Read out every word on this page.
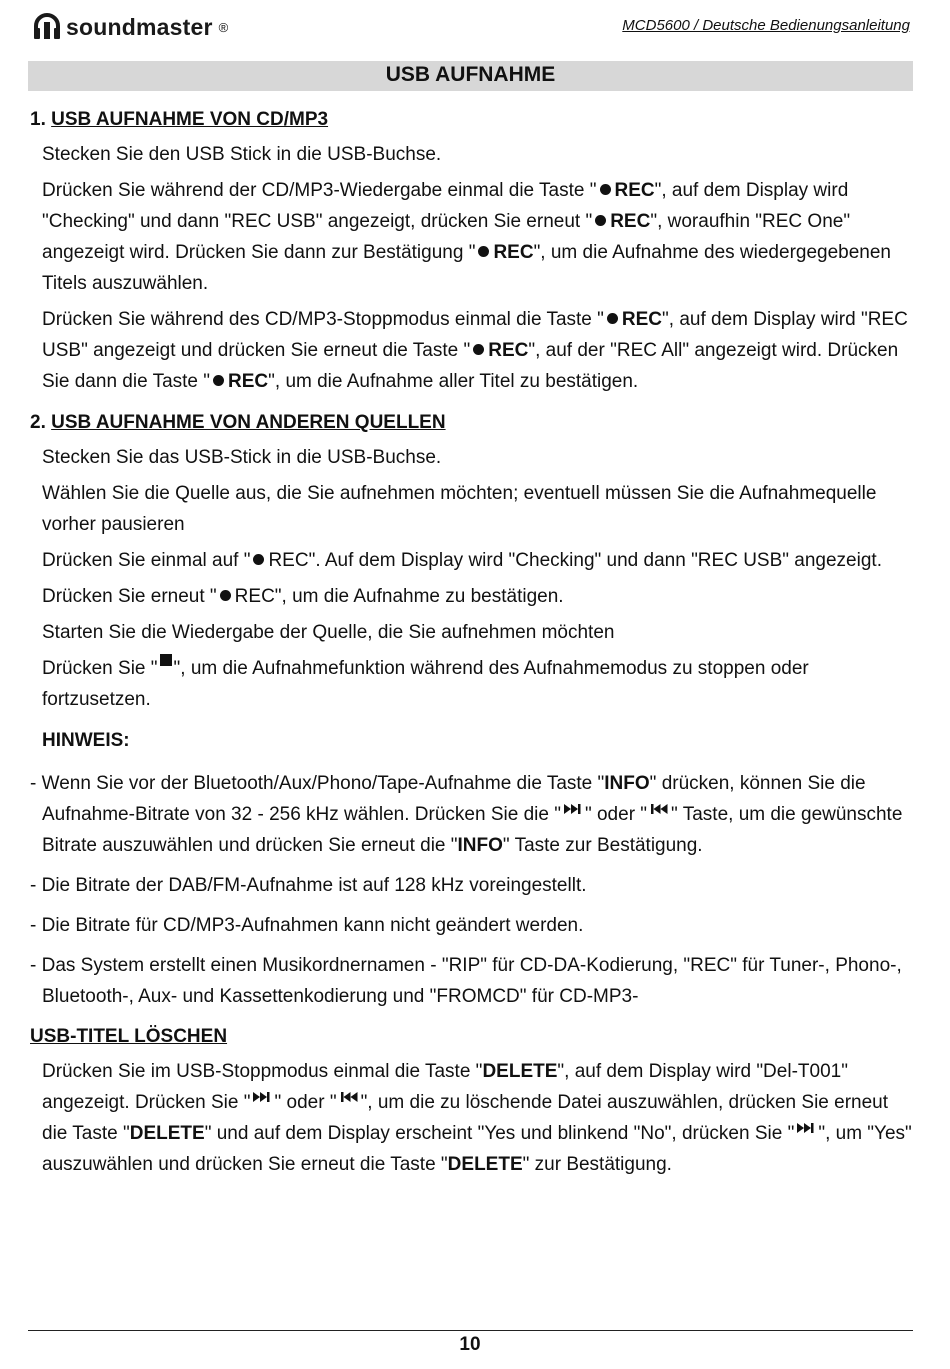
soundmaster ®	MCD5600 / Deutsche Bedienungsanleitung
USB AUFNAHME

1. USB AUFNAHME VON CD/MP3

Stecken Sie den USB Stick in die USB-Buchse.

Drücken Sie während der CD/MP3-Wiedergabe einmal die Taste " REC", auf dem Display wird "Checking" und dann "REC USB" angezeigt, drücken Sie erneut " REC", woraufhin "REC One" angezeigt wird. Drücken Sie dann zur Bestätigung " REC", um die Aufnahme des wiedergegebenen Titels auszuwählen.

Drücken Sie während des CD/MP3-Stoppmodus einmal die Taste " REC", auf dem Display wird "REC USB" angezeigt und drücken Sie erneut die Taste " REC", auf der "REC All" angezeigt wird. Drücken Sie dann die Taste " REC", um die Aufnahme aller Titel zu bestätigen.

2. USB AUFNAHME VON ANDEREN QUELLEN

Stecken Sie das USB-Stick in die USB-Buchse.

Wählen Sie die Quelle aus, die Sie aufnehmen möchten; eventuell müssen Sie die Aufnahmequelle vorher pausieren

Drücken Sie einmal auf " REC". Auf dem Display wird "Checking" und dann "REC USB" angezeigt.

Drücken Sie erneut " REC", um die Aufnahme zu bestätigen.

Starten Sie die Wiedergabe der Quelle, die Sie aufnehmen möchten

Drücken Sie " ", um die Aufnahmefunktion während des Aufnahmemodus zu stoppen oder fortzusetzen.

HINWEIS:

- Wenn Sie vor der Bluetooth/Aux/Phono/Tape-Aufnahme die Taste "INFO" drücken, können Sie die Aufnahme-Bitrate von 32 - 256 kHz wählen. Drücken Sie die " " oder " " Taste, um die gewünschte Bitrate auszuwählen und drücken Sie erneut die "INFO" Taste zur Bestätigung.

- Die Bitrate der DAB/FM-Aufnahme ist auf 128 kHz voreingestellt.

- Die Bitrate für CD/MP3-Aufnahmen kann nicht geändert werden.

- Das System erstellt einen Musikordnernamen - "RIP" für CD-DA-Kodierung, "REC" für Tuner-, Phono-, Bluetooth-, Aux- und Kassettenkodierung und "FROMCD" für CD-MP3-

USB-TITEL LÖSCHEN

Drücken Sie im USB-Stoppmodus einmal die Taste "DELETE", auf dem Display wird "Del-T001" angezeigt. Drücken Sie " " oder " ", um die zu löschende Datei auszuwählen, drücken Sie erneut die Taste "DELETE" und auf dem Display erscheint "Yes und blinkend "No", drücken Sie " ", um "Yes" auszuwählen und drücken Sie erneut die Taste "DELETE" zur Bestätigung.

10
